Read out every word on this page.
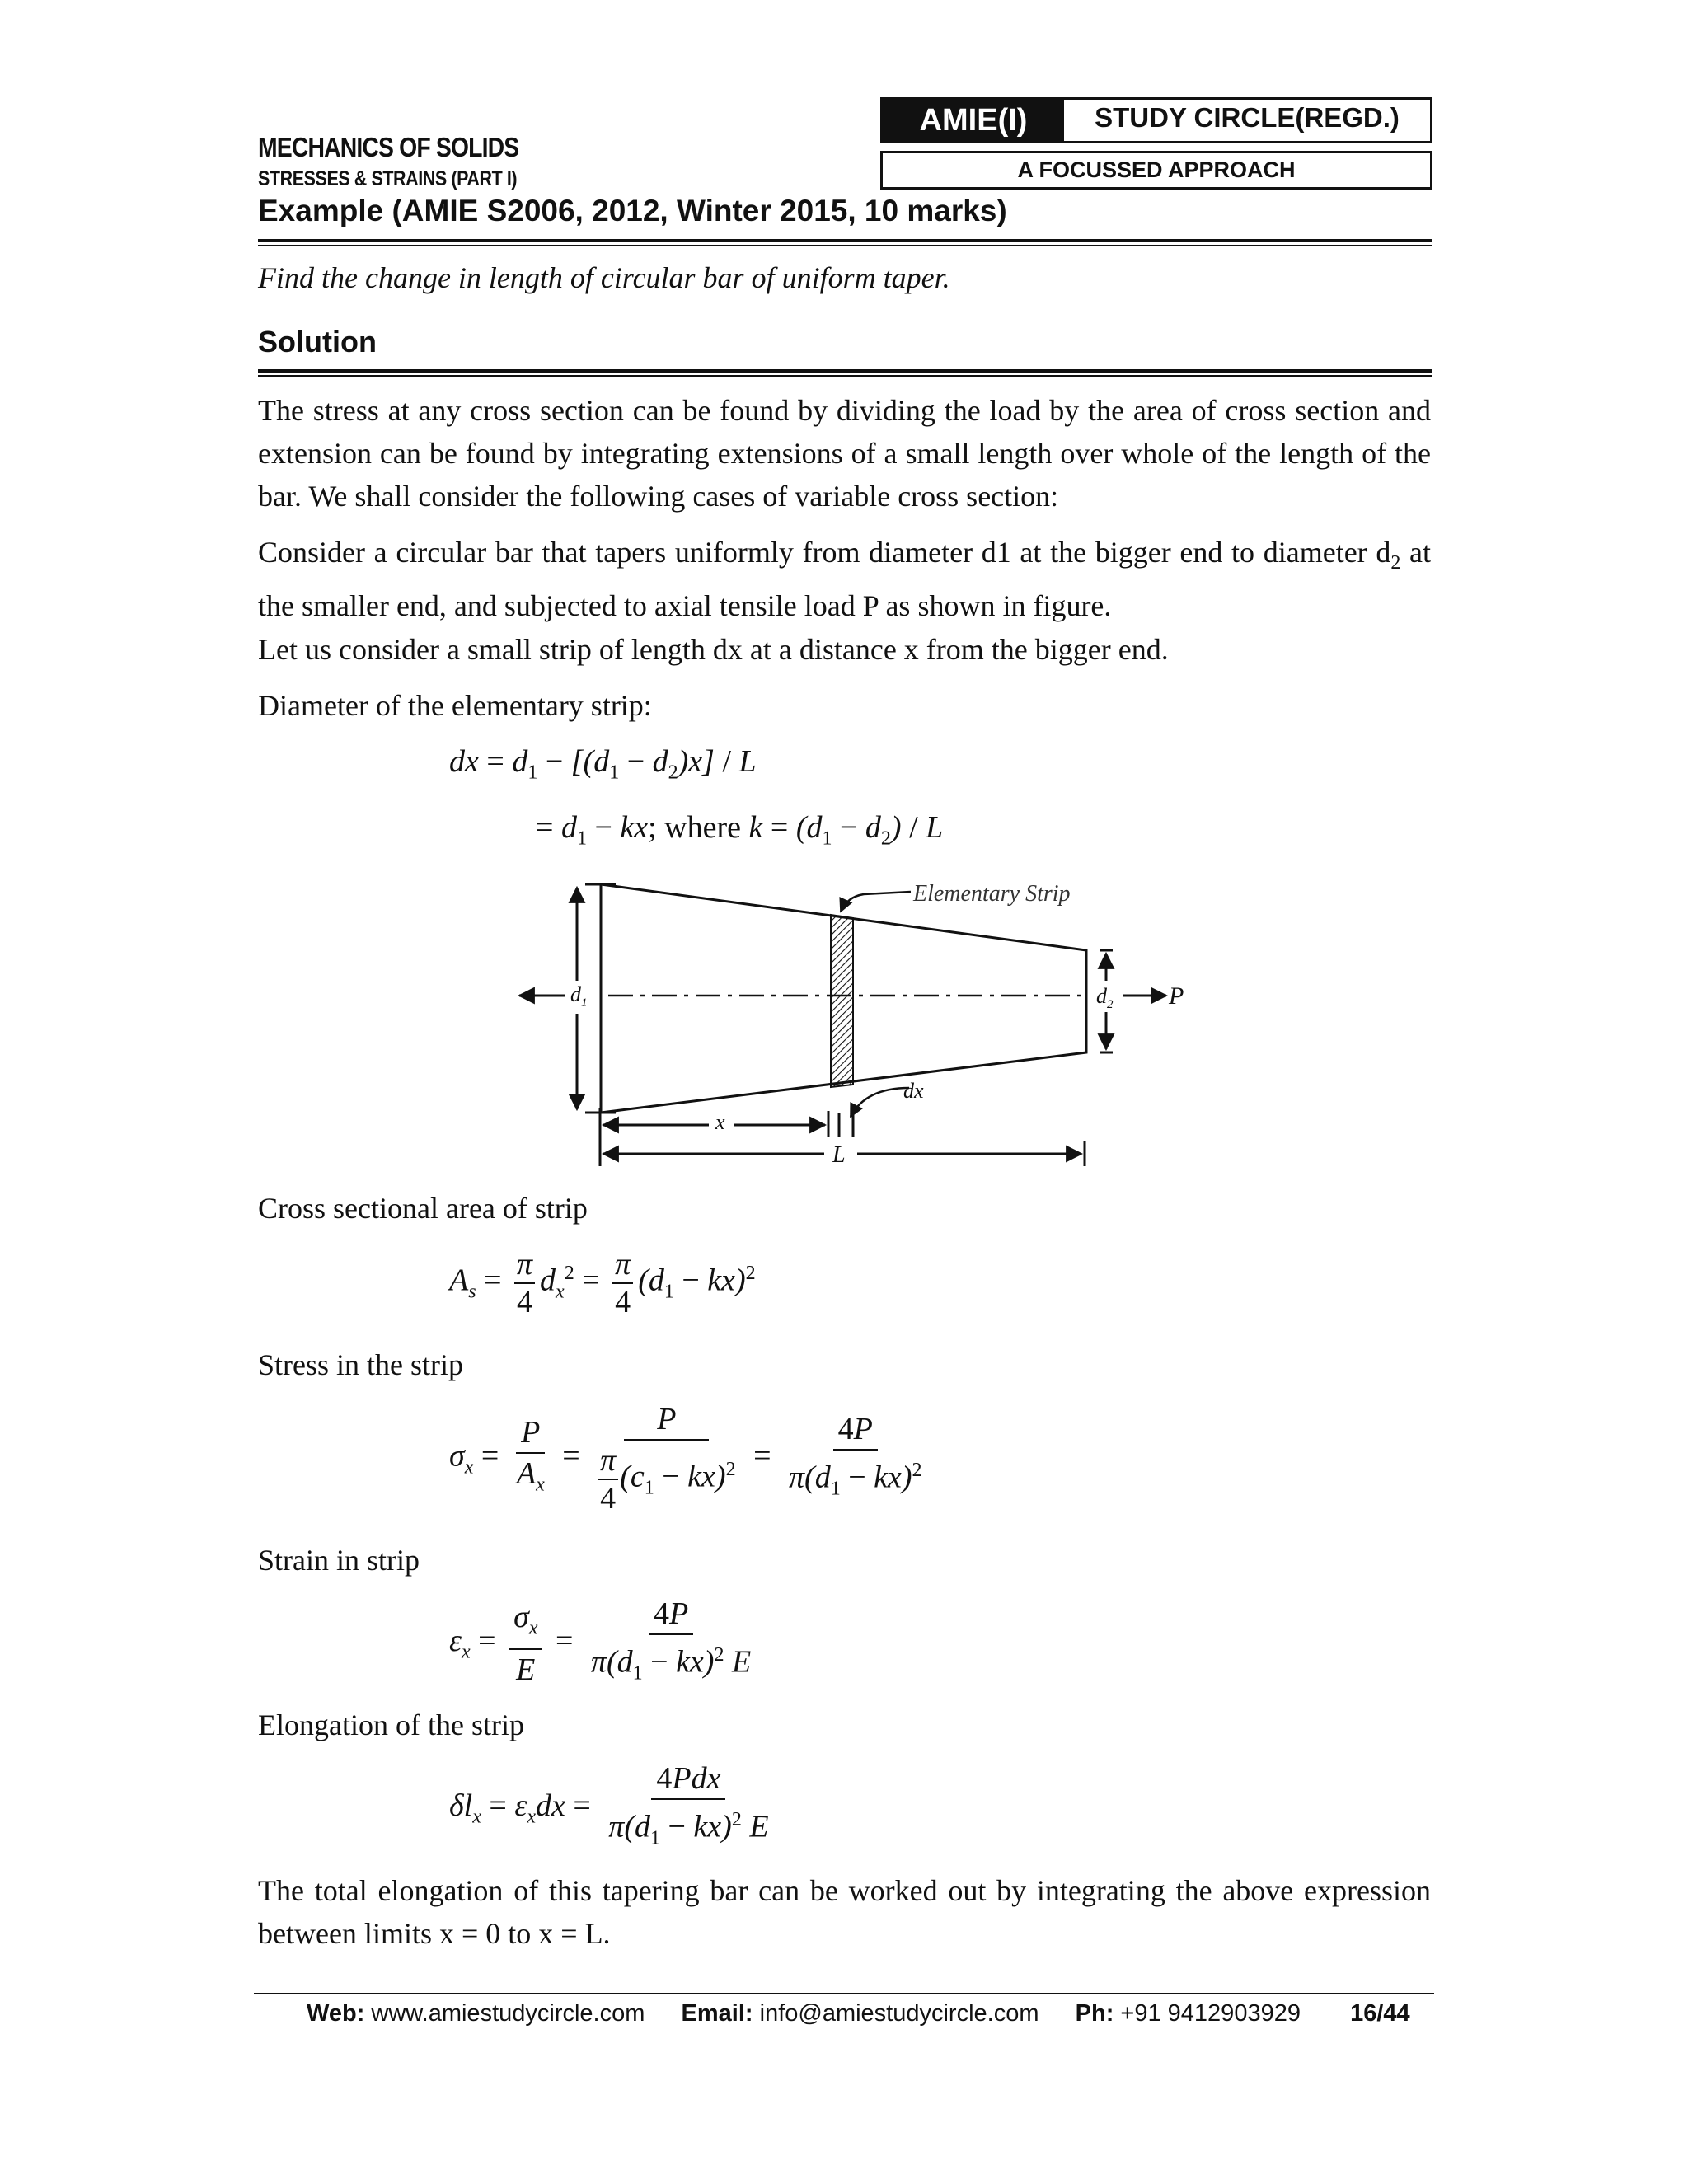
MECHANICS OF SOLIDS
STRESSES & STRAINS (PART I)
AMIE(I)	STUDY CIRCLE(REGD.)
A FOCUSSED APPROACH
Example (AMIE S2006, 2012, Winter 2015, 10 marks)
Find the change in length of circular bar of uniform taper.
Solution

The stress at any cross section can be found by dividing the load by the area of cross section and extension can be found by integrating extensions of a small length over whole of the length of the bar. We shall consider the following cases of variable cross section:

Consider a circular bar that tapers uniformly from diameter d1 at the bigger end to diameter $d_2$ at the smaller end, and subjected to axial tensile load P as shown in figure.

Let us consider a small strip of length dx at a distance x from the bigger end.

Diameter of the elementary strip:

dx = $d_1 - [(d_1 - d_2)x] / L$
= $d_1$ − kx; where $k = (d_1 - d_2) / L$
$d_1$	$d_2$ P
Elementary Strip
dx
x
L

Cross sectional area of strip

$A_s = \frac{\pi}{4} d_x^2 = \frac{\pi}{4} (d_1 - kx)^2$

Stress in the strip

$\sigma_x = \frac{P}{A_x} = \frac{P}{\frac{\pi}{4} (c_1 - kx)^2} = \frac{4P}{\pi(d_1 - kx)^2}$

Strain in strip

$\varepsilon_x = \frac{\sigma_x}{E} = \frac{4P}{\pi(d_1 - kx)^2 E}$

Elongation of the strip

$\delta l_x = \varepsilon_xdx = \frac{\text{4Pdx}}{\pi(d_1 - kx)^2 E}$

The total elongation of this tapering bar can be worked out by integrating the above expression between limits x = 0 to x = L.

Web: www.amiestudycircle.com Email: info@amiestudycircle.com Ph: +91 9412903929 16/44
